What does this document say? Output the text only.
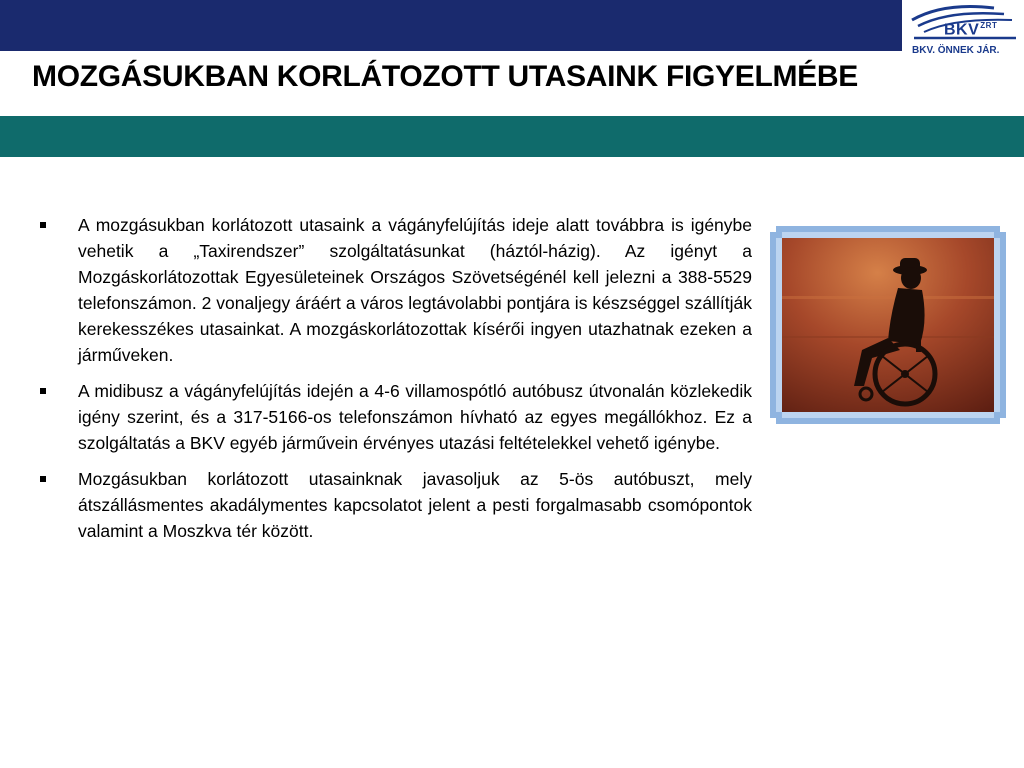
$BKV^{ZRT}$
BKV. ÖNNEK JÁR.
MOZGÁSUKBAN KORLÁTOZOTT UTASAINK FIGYELMÉBE
A mozgásukban korlátozott utasaink a vágányfelújítás ideje alatt továbbra is igénybe vehetik a „Taxirendszer” szolgáltatásunkat (háztól-házig). Az igényt a Mozgáskorlátozottak Egyesületeinek Országos Szövetségénél kell jelezni a 388-5529 telefonszámon. 2 vonaljegy áráért a város legtávolabbi pontjára is készséggel szállítják kerekesszékes utasainkat. A mozgáskorlátozottak kísérői ingyen utazhatnak ezeken a járműveken.
A midibusz a vágányfelújítás idején a 4-6 villamospótló autóbusz útvonalán közlekedik igény szerint, és a 317-5166-os telefonszámon hívható az egyes megállókhoz. Ez a szolgáltatás a BKV egyéb járművein érvényes utazási feltételekkel vehető igénybe.
Mozgásukban korlátozott utasainknak javasoljuk az 5-ös autóbuszt, mely átszállásmentes akadálymentes kapcsolatot jelent a pesti forgalmasabb csomópontok valamint a Moszkva tér között.
